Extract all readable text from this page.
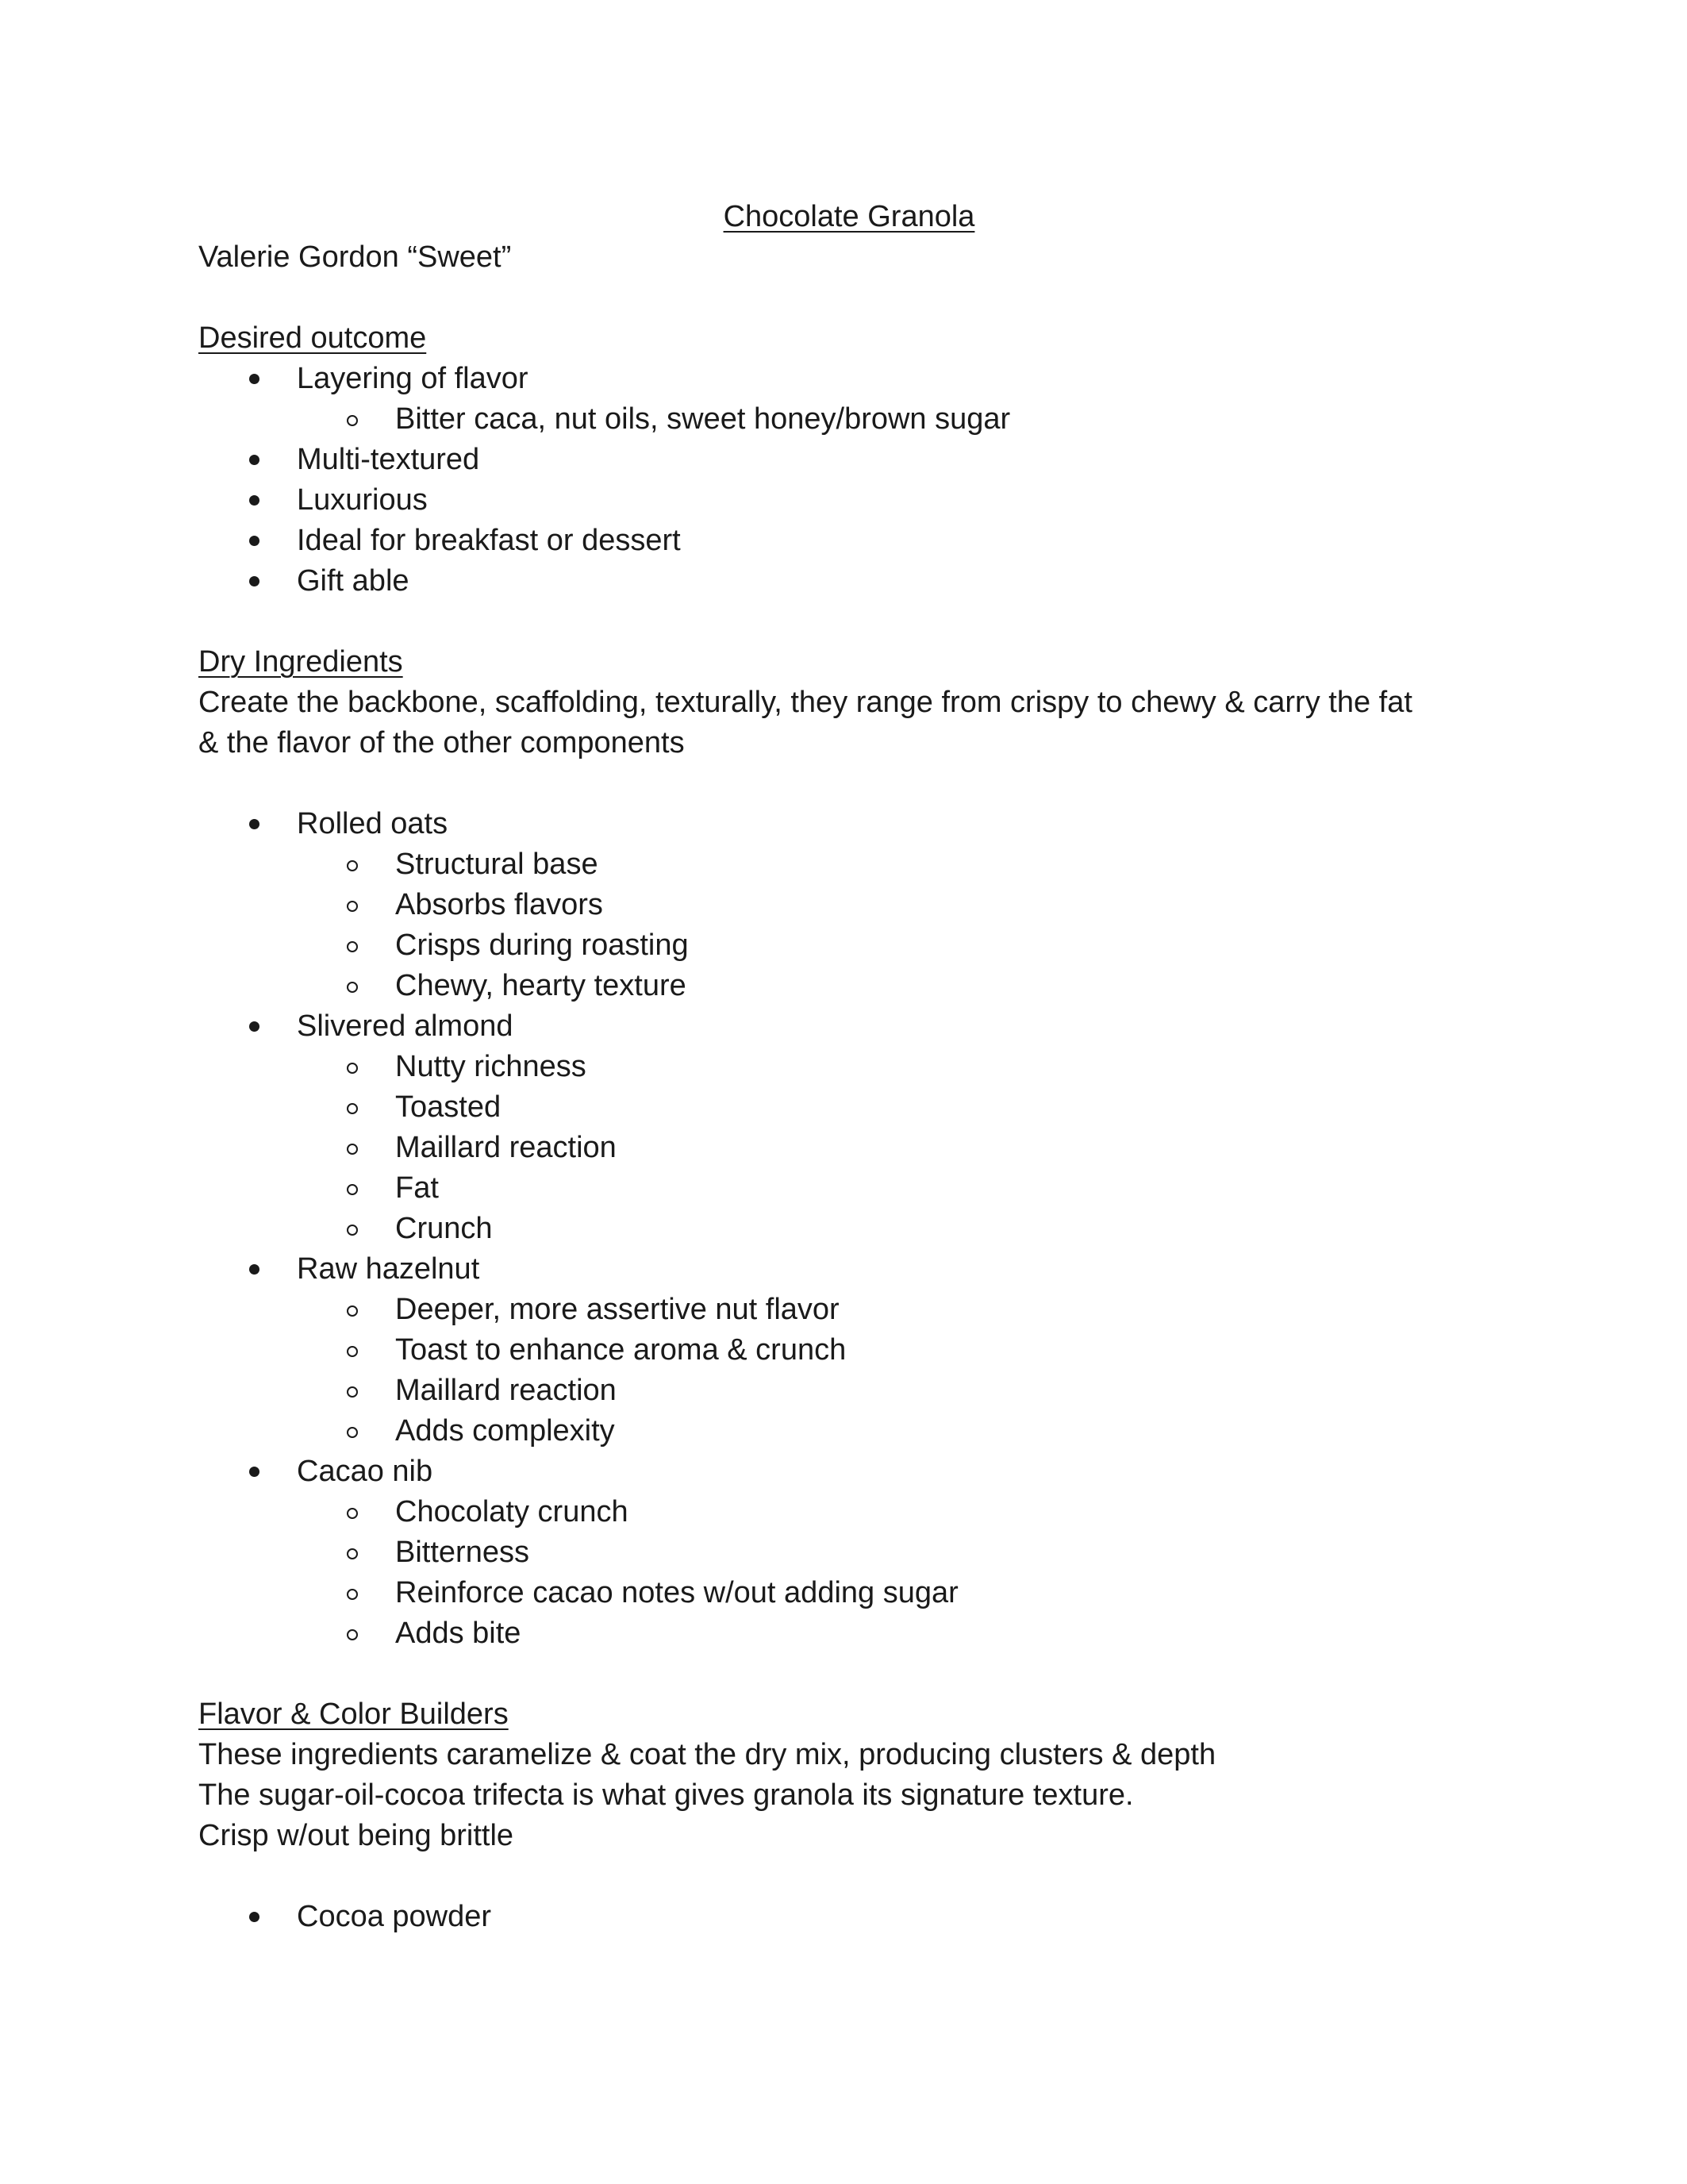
Chocolate Granola

Valerie Gordon “Sweet”

Desired outcome

Layering of flavor
Bitter caca, nut oils, sweet honey/brown sugar
Multi-textured
Luxurious
Ideal for breakfast or dessert
Gift able

Dry Ingredients

Create the backbone, scaffolding, texturally, they range from crispy to chewy & carry the fat

& the flavor of the other components

Rolled oats
Structural base
Absorbs flavors
Crisps during roasting
Chewy, hearty texture
Slivered almond
Nutty richness
Toasted
Maillard reaction
Fat
Crunch
Raw hazelnut
Deeper, more assertive nut flavor
Toast to enhance aroma & crunch
Maillard reaction
Adds complexity
Cacao nib
Chocolaty crunch
Bitterness
Reinforce cacao notes w/out adding sugar
Adds bite

Flavor & Color Builders

These ingredients caramelize & coat the dry mix, producing clusters & depth

The sugar-oil-cocoa trifecta is what gives granola its signature texture.

Crisp w/out being brittle

Cocoa powder
